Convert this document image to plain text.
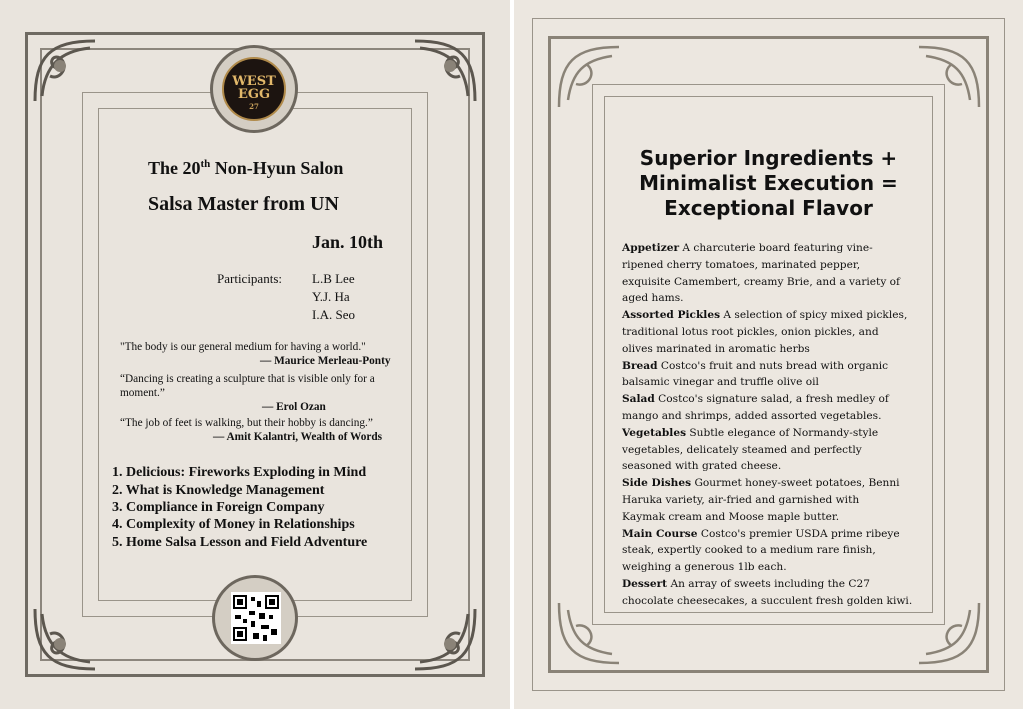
WEST
EGG
27
The 20th Non-Hyun Salon
Salsa Master from UN
Jan. 10th
Participants: L.B Lee
Y.J. Ha
I.A. Seo
"The body is our general medium for having a world."
— Maurice Merleau-Ponty
“Dancing is creating a sculpture that is visible only for a
moment.”
— Erol Ozan
“The job of feet is walking, but their hobby is dancing.”
— Amit Kalantri, Wealth of Words
1. Delicious: Fireworks Exploding in Mind
2. What is Knowledge Management
3. Compliance in Foreign Company
4. Complexity of Money in Relationships
5. Home Salsa Lesson and Field Adventure
Superior Ingredients +
Minimalist Execution =
Exceptional Flavor
Appetizer A charcuterie board featuring vine-
ripened cherry tomatoes, marinated pepper,
exquisite Camembert, creamy Brie, and a variety of
aged hams.
Assorted Pickles A selection of spicy mixed pickles,
traditional lotus root pickles, onion pickles, and
olives marinated in aromatic herbs
Bread Costco's fruit and nuts bread with organic
balsamic vinegar and truffle olive oil
Salad Costco's signature salad, a fresh medley of
mango and shrimps, added assorted vegetables.
Vegetables Subtle elegance of Normandy-style
vegetables, delicately steamed and perfectly
seasoned with grated cheese.
Side Dishes Gourmet honey-sweet potatoes, Benni
Haruka variety, air-fried and garnished with
Kaymak cream and Moose maple butter.
Main Course Costco's premier USDA prime ribeye
steak, expertly cooked to a medium rare finish,
weighing a generous 1lb each.
Dessert An array of sweets including the C27
chocolate cheesecakes, a succulent fresh golden kiwi.
